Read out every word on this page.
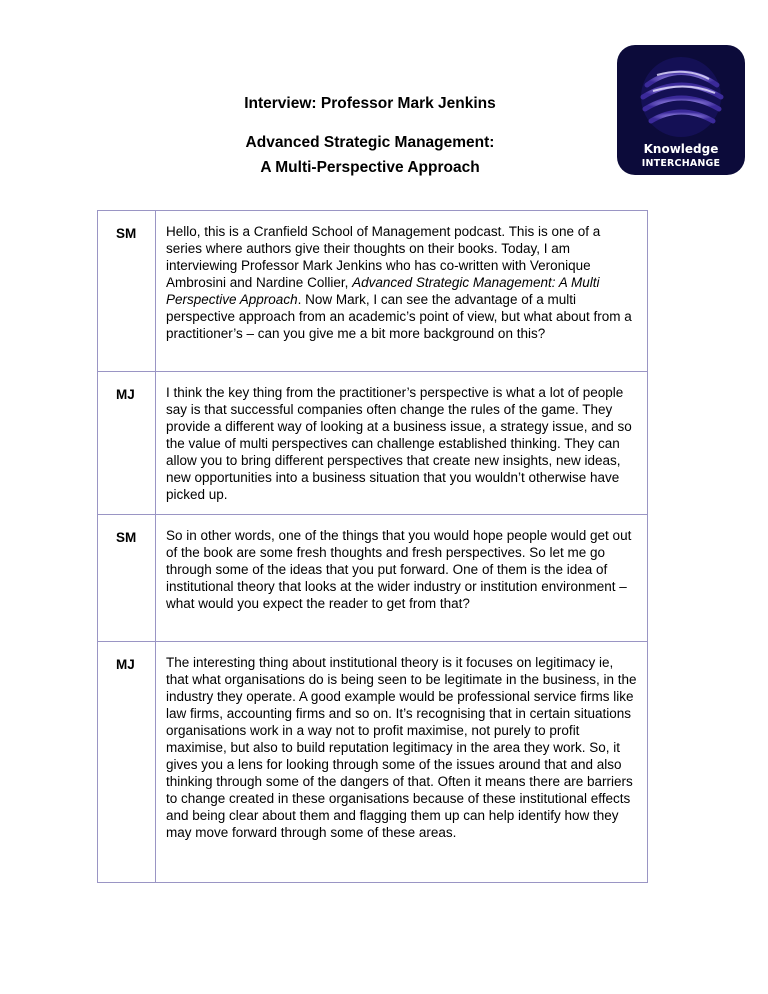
Interview: Professor Mark Jenkins
Advanced Strategic Management:
A Multi-Perspective Approach
Knowledge
INTERCHANGE
SM	Hello, this is a Cranfield School of Management podcast. This is one of a series where authors give their thoughts on their books. Today, I am interviewing Professor Mark Jenkins who has co-written with Veronique Ambrosini and Nardine Collier, Advanced Strategic Management: A Multi Perspective Approach. Now Mark, I can see the advantage of a multi perspective approach from an academic’s point of view, but what about from a practitioner’s – can you give me a bit more background on this?
MJ	I think the key thing from the practitioner’s perspective is what a lot of people say is that successful companies often change the rules of the game. They provide a different way of looking at a business issue, a strategy issue, and so the value of multi perspectives can challenge established thinking. They can allow you to bring different perspectives that create new insights, new ideas, new opportunities into a business situation that you wouldn’t otherwise have picked up.
SM	So in other words, one of the things that you would hope people would get out of the book are some fresh thoughts and fresh perspectives. So let me go through some of the ideas that you put forward. One of them is the idea of institutional theory that looks at the wider industry or institution environment – what would you expect the reader to get from that?
MJ	The interesting thing about institutional theory is it focuses on legitimacy ie, that what organisations do is being seen to be legitimate in the business, in the industry they operate. A good example would be professional service firms like law firms, accounting firms and so on. It’s recognising that in certain situations organisations work in a way not to profit maximise, not purely to profit maximise, but also to build reputation legitimacy in the area they work. So, it gives you a lens for looking through some of the issues around that and also thinking through some of the dangers of that. Often it means there are barriers to change created in these organisations because of these institutional effects and being clear about them and flagging them up can help identify how they may move forward through some of these areas.
